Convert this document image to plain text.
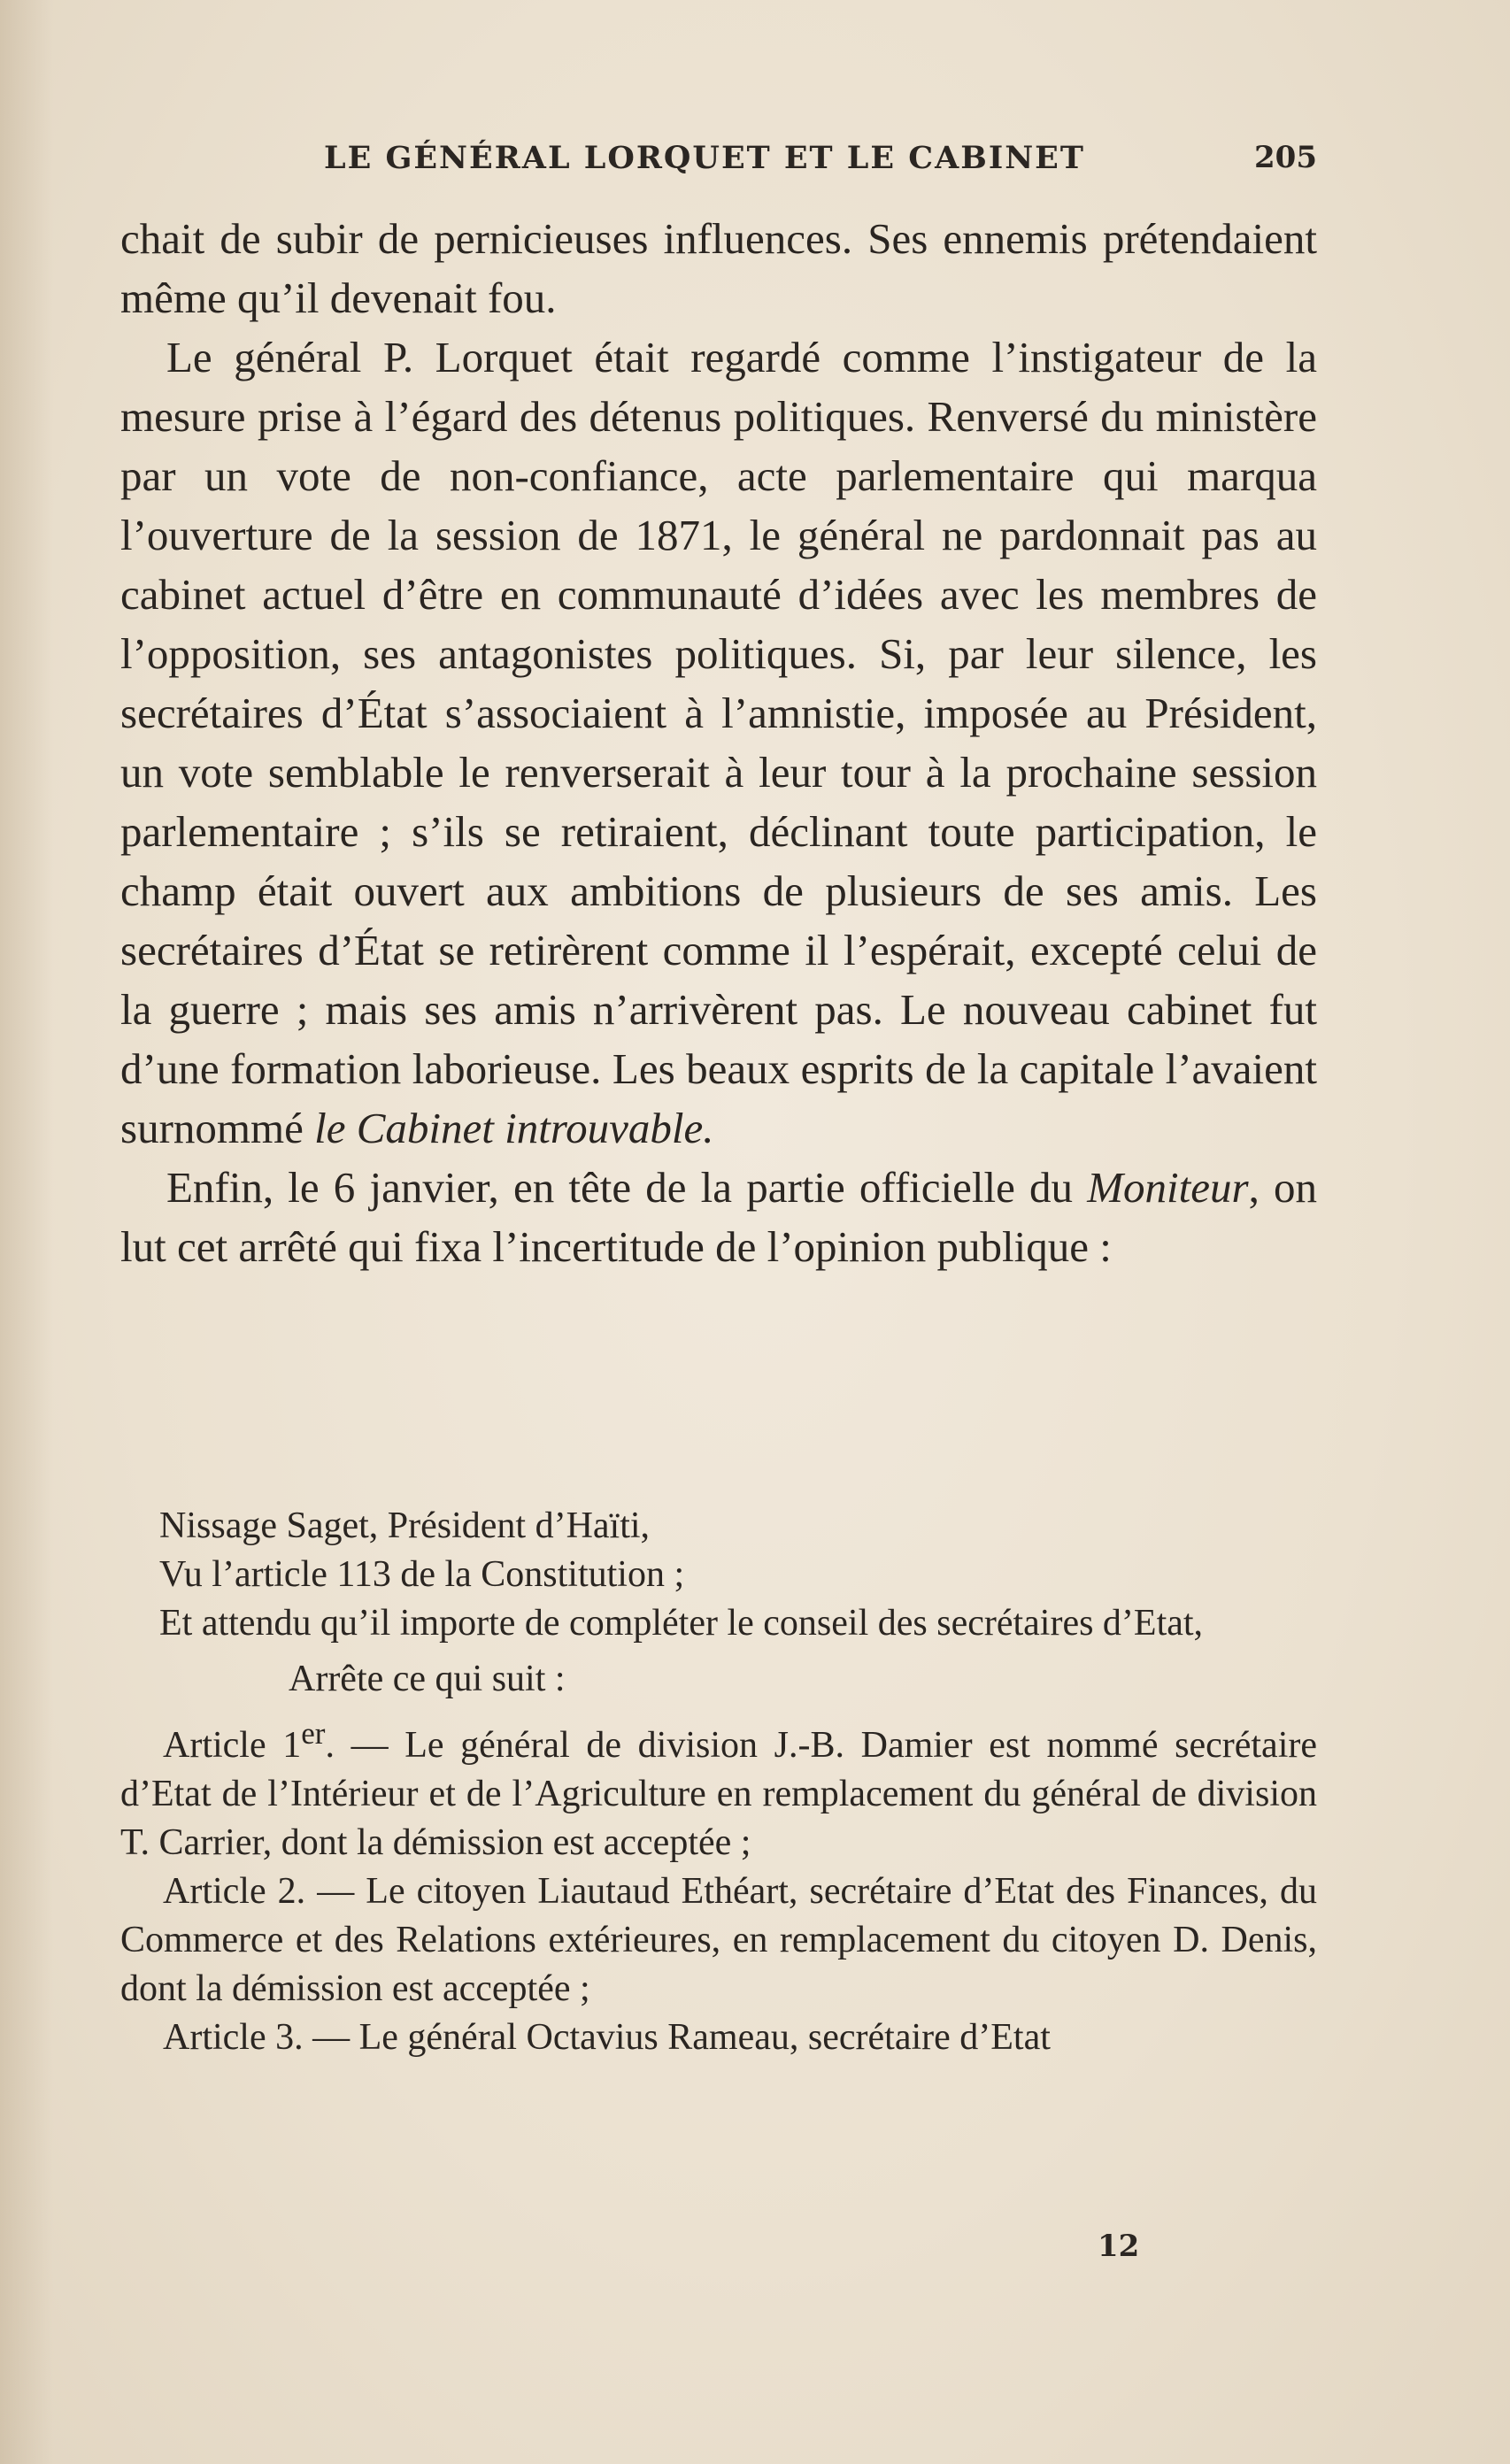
LE GÉNÉRAL LORQUET ET LE CABINET	205

chait de subir de pernicieuses influences. Ses ennemis prétendaient même qu’il devenait fou.

Le général P. Lorquet était regardé comme l’instigateur de la mesure prise à l’égard des détenus politiques. Renversé du ministère par un vote de non-confiance, acte parlementaire qui marqua l’ouverture de la session de 1871, le général ne pardonnait pas au cabinet actuel d’être en communauté d’idées avec les membres de l’opposition, ses antagonistes politiques. Si, par leur silence, les secrétaires d’État s’associaient à l’amnistie, imposée au Président, un vote semblable le renverserait à leur tour à la prochaine session parlementaire ; s’ils se retiraient, déclinant toute participation, le champ était ouvert aux ambitions de plusieurs de ses amis. Les secrétaires d’État se retirèrent comme il l’espérait, excepté celui de la guerre ; mais ses amis n’arrivèrent pas. Le nouveau cabinet fut d’une formation laborieuse. Les beaux esprits de la capitale l’avaient surnommé le Cabinet introuvable.

Enfin, le 6 janvier, en tête de la partie officielle du Moniteur, on lut cet arrêté qui fixa l’incertitude de l’opinion publique :

Nissage Saget, Président d’Haïti,

Vu l’article 113 de la Constitution ;

Et attendu qu’il importe de compléter le conseil des secrétaires d’Etat,

Arrête ce qui suit :

Article 1er. — Le général de division J.-B. Damier est nommé secrétaire d’Etat de l’Intérieur et de l’Agriculture en remplacement du général de division T. Carrier, dont la démission est acceptée ;

Article 2. — Le citoyen Liautaud Ethéart, secrétaire d’Etat des Finances, du Commerce et des Relations extérieures, en remplacement du citoyen D. Denis, dont la démission est acceptée ;

Article 3. — Le général Octavius Rameau, secrétaire d’Etat

12
